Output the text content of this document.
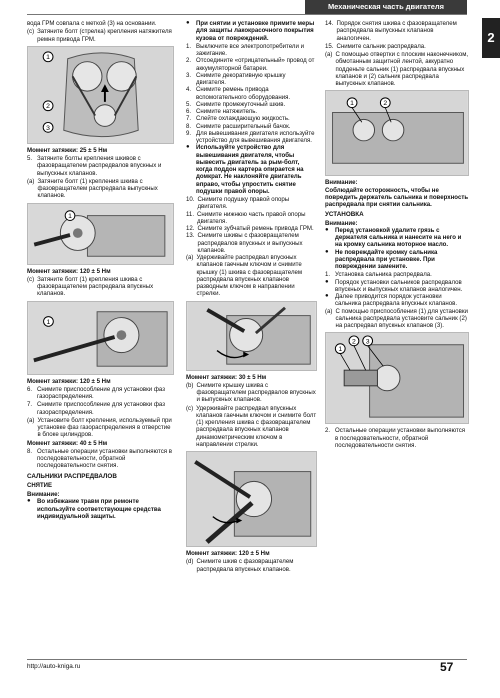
Механическая часть двигателя
2
вода ГРМ совпала с меткой (3) на основании.
(c) Затяните болт (стрелка) крепления натяжителя ремня привода ГРМ.
1
2
3
Момент затяжки: 25 ± 5 Нм
5. Затяните болты крепления шкивов с фазовращателем распредвалов впускных и выпускных клапанов.
(a) Затяните болт (1) крепления шкива с фазовращателем распредвала выпускных клапанов.
1
Момент затяжки: 120 ± 5 Нм
(c) Затяните болт (1) крепления шкива с фазовращателем распредвала впускных клапанов.
1
Момент затяжки: 120 ± 5 Нм
6. Снимите приспособление для установки фаз газораспределения.
7. Снимите приспособление для установки фаз газораспределения.
(a) Установите болт крепления, используемый при установке фаз газораспределения в отверстие в блоке цилиндров.
Момент затяжки: 40 ± 5 Нм
8. Остальные операции установки выполняются в последовательности, обратной последовательности снятия.
САЛЬНИКИ РАСПРЕДВАЛОВ
СНЯТИЕ
Внимание:
●	Во избежание травм при ремонте используйте соответствующие средства индивидуальной защиты.
●	При снятии и установке примите меры для защиты лакокрасочного покрытия кузова от повреждений.
1. Выключите все электропотребители и зажигание.
2. Отсоедините «отрицательный» провод от аккумуляторной батареи.
3. Снимите декоративную крышку двигателя.
4. Снимите ремень привода вспомогательного оборудования.
5. Снимите промежуточный шкив.
6. Снимите натяжитель.
7. Слейте охлаждающую жидкость.
8. Снимите расширительный бачок.
9. Для вывешивания двигателя используйте устройство для вывешивания двигателя.
●	Используйте устройство для вывешивания двигателя, чтобы вывесить двигатель за рым-болт, когда поддон картера опирается на домкрат. Не наклоняйте двигатель вправо, чтобы упростить снятие подушки правой опоры.
10. Снимите подушку правой опоры двигателя.
11. Снимите нижнюю часть правой опоры двигателя.
12. Снимите зубчатый ремень привода ГРМ.
13. Снимите шкивы с фазовращателем распредвалов впускных и выпускных клапанов.
(a) Удерживайте распредвал впускных клапанов гаечным ключом и снимите крышку (1) шкива с фазовращателем распредвала впускных клапанов разводным ключом в направлении стрелки.
Момент затяжки: 30 ± 5 Нм
(b) Снимите крышку шкива с фазовращателем распредвалов впускных и выпускных клапанов.
(c) Удерживайте распредвал впускных клапанов гаечным ключом и снимите болт (1) крепления шкива с фазовращателем распредвала впускных клапанов динамометрическим ключом в направлении стрелки.
Момент затяжки: 120 ± 5 Нм
(d) Снимите шкив с фазовращателем распредвала впускных клапанов.
14. Порядок снятия шкива с фазовращателем распредвала выпускных клапанов аналогичен.
15. Снимите сальник распредвала.
(a) С помощью отвертки с плоским наконечником, обмотанным защитной лентой, аккуратно подденьте сальник (1) распредвала впускных клапанов и (2) сальник распредвала выпускных клапанов.
1	2
Внимание:
Соблюдайте осторожность, чтобы не повредить держатель сальника и поверхность распредвала при снятии сальника.
УСТАНОВКА
Внимание:
●	Перед установкой удалите грязь с держателя сальника и нанесите на него и на кромку сальника моторное масло.
●	Не повреждайте кромку сальника распредвала при установке. При повреждении замените.
1. Установка сальника распредвала.
●	Порядок установки сальников распредвалов впускных и выпускных клапанов аналогичен.
●	Далее приводится порядок установки сальника распредвала впускных клапанов.
(a) С помощью приспособления (1) для установки сальника распредвала установите сальник (2) на распредвал впускных клапанов (3).
1
2 3
2. Остальные операции установки выполняются в последовательности, обратной последовательности снятия.
http://auto-kniga.ru	57
